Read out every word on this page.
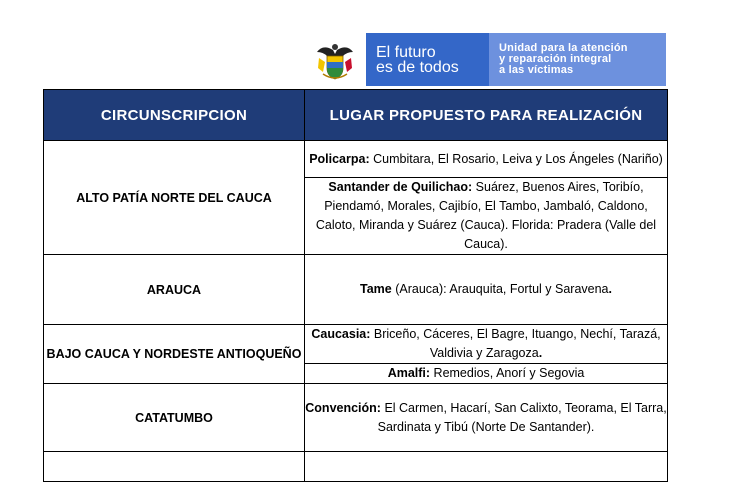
El futuro
es de todos
Unidad para la atención
y reparación integral
a las víctimas
CIRCUNSCRIPCION	LUGAR PROPUESTO PARA REALIZACIÓN
ALTO PATÍA NORTE DEL CAUCA	Policarpa: Cumbitara, El Rosario, Leiva y Los Ángeles (Nariño)
	Santander de Quilichao: Suárez, Buenos Aires, Toribío, Piendamó, Morales, Cajibío, El Tambo, Jambaló, Caldono, Caloto, Miranda y Suárez (Cauca). Florida: Pradera (Valle del Cauca).
ARAUCA	Tame (Arauca): Arauquita, Fortul y Saravena.
BAJO CAUCA Y NORDESTE ANTIOQUEÑO	Caucasia: Briceño, Cáceres, El Bagre, Ituango, Nechí, Tarazá, Valdivia y Zaragoza.
	Amalfi: Remedios, Anorí y Segovia
CATATUMBO	Convención: El Carmen, Hacarí, San Calixto, Teorama, El Tarra, Sardinata y Tibú (Norte De Santander).
